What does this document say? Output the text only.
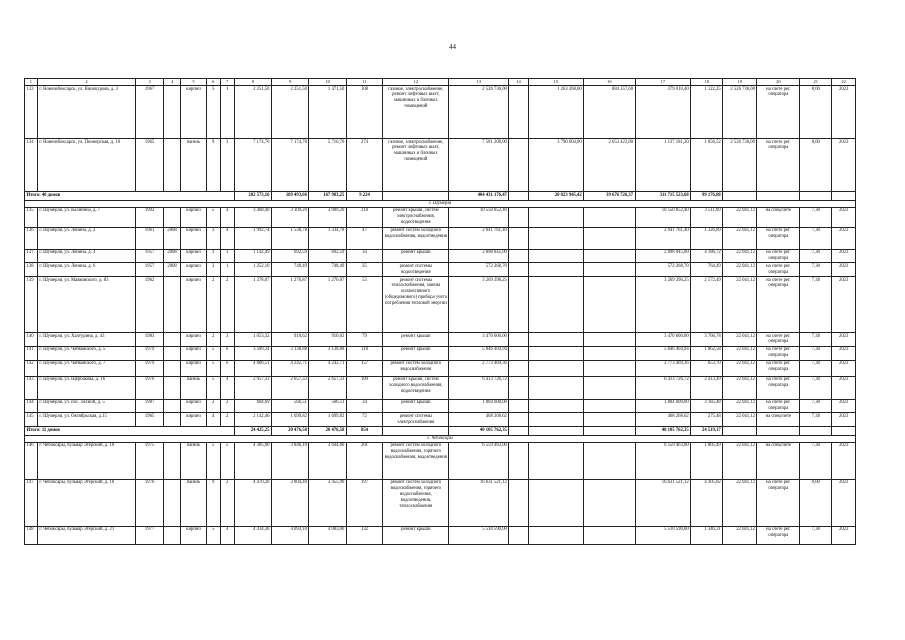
44
1	2	3	4	5	6	7	8	9	10	11	12	13	14	15	16	17	18	19	20	21	22
133	г. Новочебоксарск, ул. Винокурова, д. 3	1967		кирпич	5	1	2 251,50	2 251,50	1 471,50	108	газовое, электроснабжение, ремонт лифтовых шахт, машинных и блочных помещений	2 526 736,00		1 263 368,00	884 357,60	379 010,40	1 122,25	2 526 736,00	на счете рег. оператора	8,00	2023
134	г. Новочебоксарск, ул. Пионерская, д. 10	1965		панель	9	3	7 174,70	7 174,70	5 716,70	274	газовое, электроснабжение, ремонт лифтовых шахт, машинных и блочных помещений	7 581 208,00		3 790 604,00	2 653 422,80	1 137 181,20	1 056,52	2 526 736,00	на счете рег. оператора	8,00	2023
Итого: 40 домов							202 573,16	189 493,66	167 983,25	9 224		404 431 176,47		20 023 945,42	39 676 726,37	311 715 523,68	99 176,88				
г. Шумерля																					
135	г. Шумерля, ул. Калинина, д. 7	1992		кирпич	5	4	3 468,40	3 109,20	3 009,20	218	ремонт крыши, систем электроснабжения, водоотведения	10 550 852,40				10 550 852,40	3 511,09	22 041,12	на спецсчете	7,38	2023
136	г. Шумерля, ул. Ленина, д. 2	1961	2008	кирпич	3	4	1 992,74	1 538,78	1 334,78	47	ремонт систем холодного водоснабжения, водоотведения	2 041 761,40				2 041 761,40	1 326,89	22 041,12	на счете рег. оператора	7,38	2023
137	г. Шумерля, ул. Ленина, д. 4	1957	2008	кирпич	3	3	1 142,49	692,59	692,59	34	ремонт крыши	2 898 845,00				2 898 845,00	4 186,72	22 041,12	на счете рег. оператора	7,38	2023
138	г. Шумерля, ул. Ленина, д. 6	1957	2008	кирпич	3	1	1 252,10	748,49	748,49	35	ремонт системы водоотведения	572 268,70				572 268,70	764,49	22 041,12	на счете рег. оператора	7,38	2023
139	г. Шумерля, ул. Маяковского, д. 83	1962		кирпич	2	2	1 378,07	1 270,87	1 270,87	53	ремонт системы теплоснабжения, замена коллективного (общедомового) прибора учета потребления тепловой энергии	3 269 396,25				3 269 396,25	2 572,49	22 041,12	на счете рег. оператора	7,38	2023
140	г. Шумерля, ул. Халтурина, д. 43	1983		кирпич	2	3	1 053,32	910,62	910,62	79	ремонт крыши	3 470 600,00				3 470 600,00	3 766,78	22 041,12	на счете рег. оператора	7,38	2023
141	г. Шумерля, ул. Чайковского, д. 5	1979		кирпич	5	6	3 589,34	3 138,88	3 138,88	118	ремонт крыши	5 846 404,94				5 846 404,94	1 862,58	22 041,12	на счете рег. оператора	7,38	2023
142	г. Шумерля, ул. Чайковского, д. 7	1979		кирпич	5	6	4 806,51	4 242,71	4 242,71	157	ремонт систем холодного водоснабжения	2 773 469,36				2 773 469,36	653,70	22 041,12	на счете рег. оператора	7,38	2023
143	г. Шумерля, ул. Щербакова, д. 16	1976		панель	5	4	2 957,33	2 657,33	2 657,33	109	ремонт крыши, систем холодного водоснабжения, водоотведения	6 413 726,72				6 413 726,72	2 413,49	22 041,12	на счете рег. оператора	7,38	2023
144	г. Шумерля, ул. пос. Лесной, д. 5	1987		кирпич	2	2	604,69	566,51	566,51	34	ремонт крыши	1 804 600,00				1 804 600,00	3 185,48	22 041,12	на счете рег. оператора	7,38	2023
145	г. Шумерля, ул. Октябрьская, д.15	1965		кирпич	4	2	2 142,46	1 699,82	1 699,82	72	ремонт системы электроснабжения	468 268,62				468 268,62	275,48	22 041,12	на спецсчете	7,38	2023
Итого: 11 домов							24 425,25	20 476,58	20 476,58	854		40 105 762,35				40 105 762,35	24 519,17				
г. Чебоксары																					
146	г. Чебоксары, бульвар Эгерский, д. 10	1975		панель	5	5	4 305,00	3 846,10	3 644,80	201	ремонт систем холодного водоснабжения, горячего водоснабжения, водоотведения	6 559 463,00				6 559 463,00	1 805,49	22 041,12	на спецсчете	7,38	2023
147	г. Чебоксары, бульвар Эгерский, д. 18	1976		панель	9	2	4 470,20	3 804,40	3 455,90	197	ремонт систем холодного водоснабжения, горячего водоснабжения, водоотведения, теплоснабжения	16 631 521,12				16 631 521,12	4 305,82	22 041,12	на счете рег. оператора	8,00	2023
148	г. Чебоксары, бульвар Эгерский, д. 21	1977		кирпич	5	4	4 414,30	4 093,10	4 083,00	132	ремонт крыши	5 510 590,00				5 510 590,00	1 346,31	22 041,12	на счете рег. оператора	7,38	2023
